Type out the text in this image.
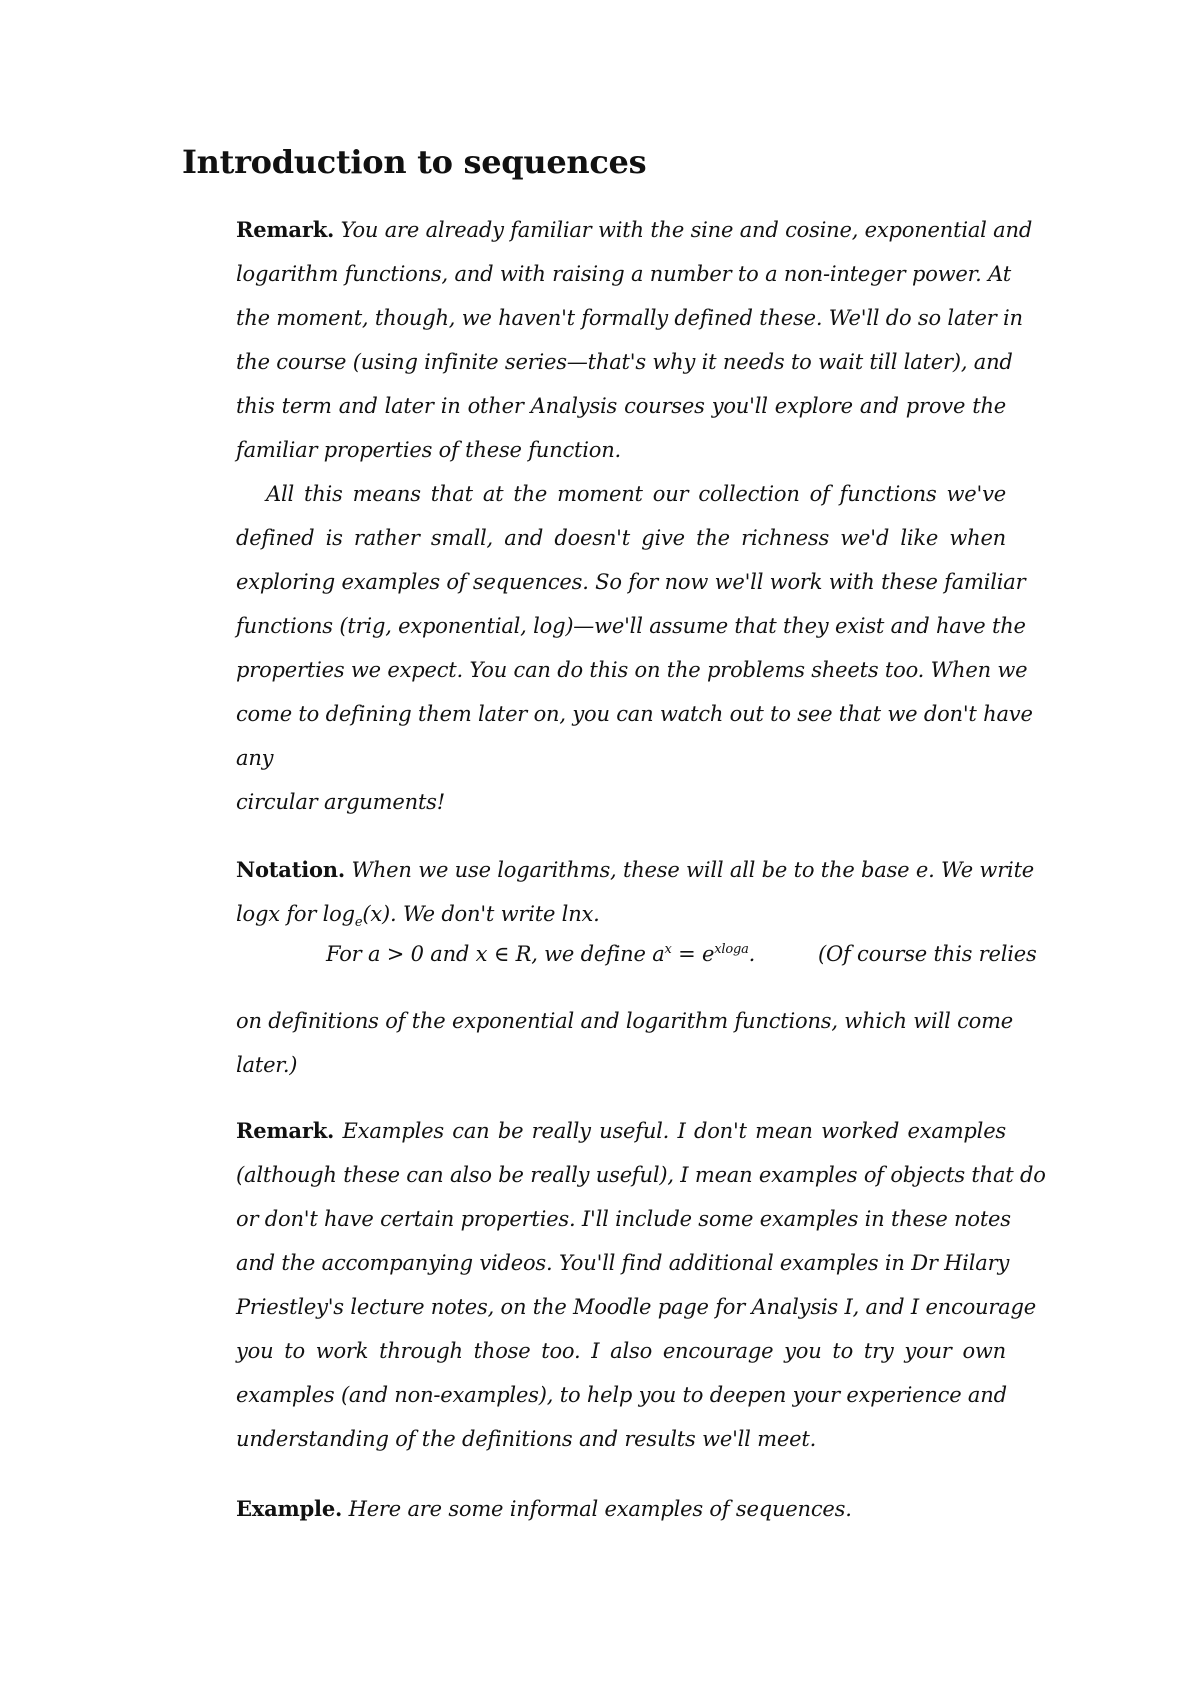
Introduction to sequences
Remark. You are already familiar with the sine and cosine, exponential and
logarithm functions, and with raising a number to a non-integer power. At
the moment, though, we haven't formally defined these. We'll do so later in
the course (using infinite series—that's why it needs to wait till later), and
this term and later in other Analysis courses you'll explore and prove the
familiar properties of these function.
All this means that at the moment our collection of functions we've
defined is rather small, and doesn't give the richness we'd like when
exploring examples of sequences. So for now we'll work with these familiar
functions (trig, exponential, log)—we'll assume that they exist and have the
properties we expect. You can do this on the problems sheets too. When we
come to defining them later on, you can watch out to see that we don't have
any
circular arguments!
Notation. When we use logarithms, these will all be to the base e. We write
logx for $\log_e(x)$. We don't write lnx.
For a > 0 and x ∈ R, we define $a^x = e^{xloga}$.	(Of course this relies
on definitions of the exponential and logarithm functions, which will come
later.)
Remark. Examples can be really useful. I don't mean worked examples
(although these can also be really useful), I mean examples of objects that do
or don't have certain properties. I'll include some examples in these notes
and the accompanying videos. You'll find additional examples in Dr Hilary
Priestley's lecture notes, on the Moodle page for Analysis I, and I encourage
you to work through those too. I also encourage you to try your own
examples (and non-examples), to help you to deepen your experience and
understanding of the definitions and results we'll meet.
Example. Here are some informal examples of sequences.
